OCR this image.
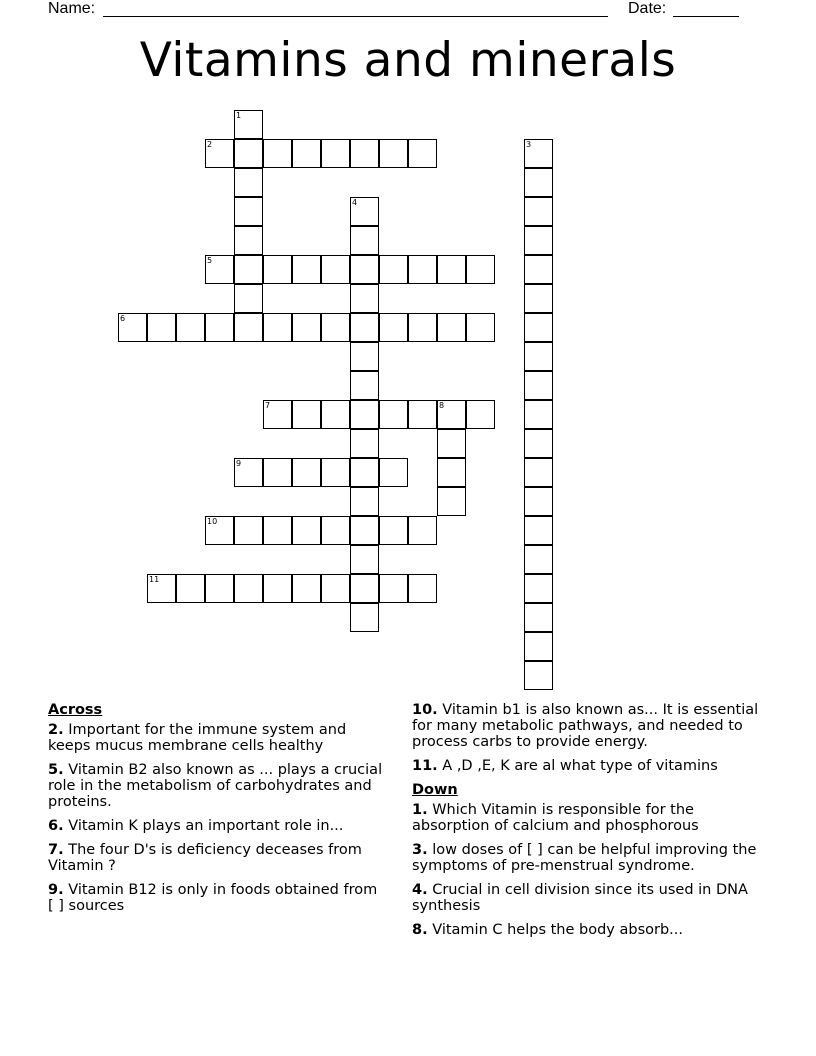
Name:	Date:
Vitamins and minerals
1
2	3
4
5
6
7	8
9
10
11
Across
2. Important for the immune system and keeps mucus membrane cells healthy
5. Vitamin B2 also known as ... plays a crucial role in the metabolism of carbohydrates and proteins.
6. Vitamin K plays an important role in...
7. The four D's is deficiency deceases from Vitamin ?
9. Vitamin B12 is only in foods obtained from [ ] sources
10. Vitamin b1 is also known as... It is essential for many metabolic pathways, and needed to process carbs to provide energy.
11. A ,D ,E, K are al what type of vitamins
Down
1. Which Vitamin is responsible for the absorption of calcium and phosphorous
3. low doses of [ ] can be helpful improving the symptoms of pre-menstrual syndrome.
4. Crucial in cell division since its used in DNA synthesis
8. Vitamin C helps the body absorb...
